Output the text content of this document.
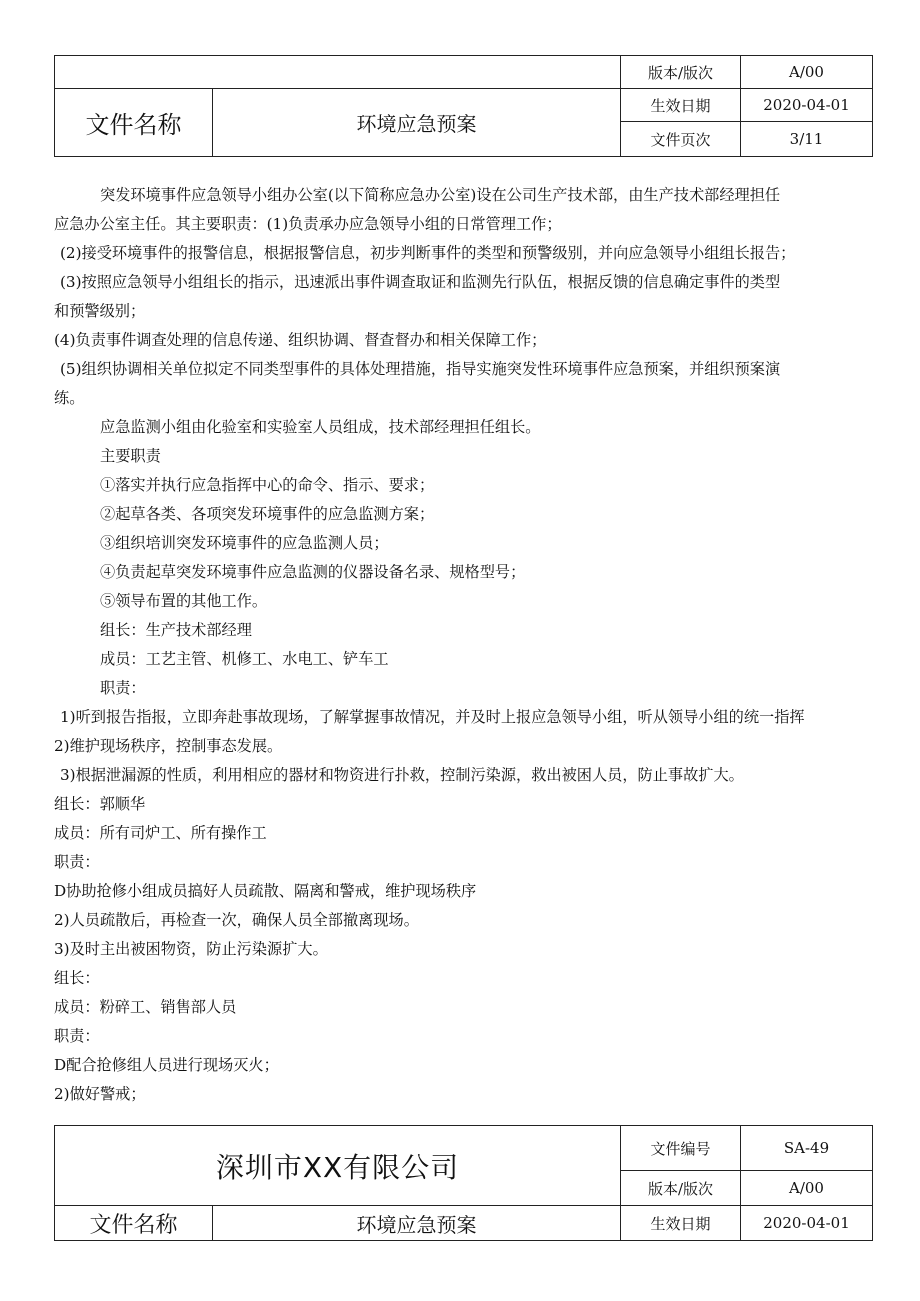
		版本/版次	A/00
文件名称	环境应急预案	生效日期	2020-04-01
		文件页次	3/11

突发环境事件应急领导小组办公室(以下简称应急办公室)设在公司生产技术部，由生产技术部经理担任

应急办公室主任。其主要职责：(1)负责承办应急领导小组的日常管理工作；

(2)接受环境事件的报警信息，根据报警信息，初步判断事件的类型和预警级别，并向应急领导小组组长报告；

(3)按照应急领导小组组长的指示，迅速派出事件调查取证和监测先行队伍，根据反馈的信息确定事件的类型

和预警级别；

(4)负责事件调查处理的信息传递、组织协调、督查督办和相关保障工作；

(5)组织协调相关单位拟定不同类型事件的具体处理措施，指导实施突发性环境事件应急预案，并组织预案演

练。

应急监测小组由化验室和实验室人员组成，技术部经理担任组长。

主要职责

①落实并执行应急指挥中心的命令、指示、要求；

②起草各类、各项突发环境事件的应急监测方案；

③组织培训突发环境事件的应急监测人员；

④负责起草突发环境事件应急监测的仪器设备名录、规格型号；

⑤领导布置的其他工作。

组长：生产技术部经理

成员：工艺主管、机修工、水电工、铲车工

职责：

1)听到报告指报，立即奔赴事故现场，了解掌握事故情况，并及时上报应急领导小组，听从领导小组的统一指挥

2)维护现场秩序，控制事态发展。

3)根据泄漏源的性质，利用相应的器材和物资进行扑救，控制污染源，救出被困人员，防止事故扩大。

组长：郭顺华

成员：所有司炉工、所有操作工

职责：

D协助抢修小组成员搞好人员疏散、隔离和警戒，维护现场秩序

2)人员疏散后，再检查一次，确保人员全部撤离现场。

3)及时主出被困物资，防止污染源扩大。

组长：

成员：粉碎工、销售部人员

职责：

D配合抢修组人员进行现场灭火；

2)做好警戒；

深圳市XX有限公司		文件编号	SA-49
		版本/版次	A/00
文件名称	环境应急预案	生效日期	2020-04-01
